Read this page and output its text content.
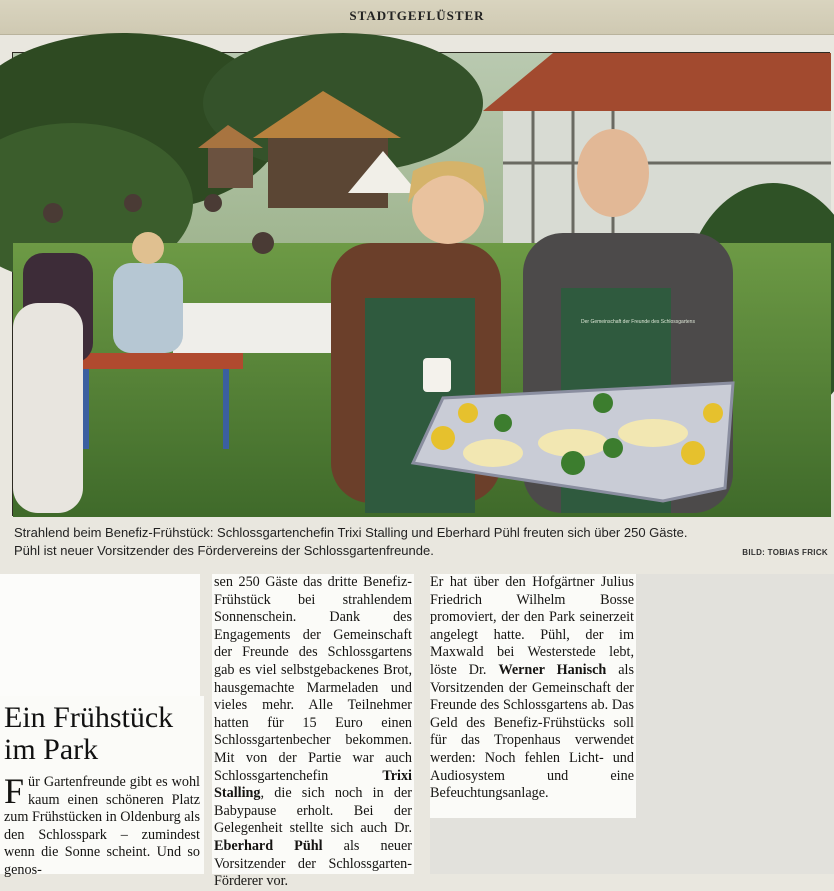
STADTGEFLÜSTER
Der Gemeinschaft der Freunde des Schlossgartens
Strahlend beim Benefiz-Frühstück: Schlossgartenchefin Trixi Stalling und Eberhard Pühl freuten sich über 250 Gäste.
Pühl ist neuer Vorsitzender des Fördervereins der Schlossgartenfreunde.	BILD: TOBIAS FRICK
Ein Frühstück
im Park
F ür Gartenfreunde gibt es wohl kaum einen schöneren Platz zum Frühstücken in Oldenburg als den Schlosspark – zumindest wenn die Sonne scheint. Und so genos-
sen 250 Gäste das dritte Benefiz-Frühstück bei strahlendem Sonnenschein. Dank des Engagements der Gemeinschaft der Freunde des Schlossgartens gab es viel selbstgebackenes Brot, hausgemachte Marmeladen und vieles mehr. Alle Teilnehmer hatten für 15 Euro einen Schlossgartenbecher bekommen. Mit von der Partie war auch Schlossgartenchefin Trixi Stalling, die sich noch in der Babypause erholt. Bei der Gelegenheit stellte sich auch Dr. Eberhard Pühl als neuer Vorsitzender der Schlossgarten-Förderer vor.
Er hat über den Hofgärtner Julius Friedrich Wilhelm Bosse promoviert, der den Park seinerzeit angelegt hatte. Pühl, der im Maxwald bei Westerstede lebt, löste Dr. Werner Hanisch als Vorsitzenden der Gemeinschaft der Freunde des Schlossgartens ab. Das Geld des Benefiz-Frühstücks soll für das Tropenhaus verwendet werden: Noch fehlen Licht- und Audiosystem und eine Befeuchtungsanlage.
